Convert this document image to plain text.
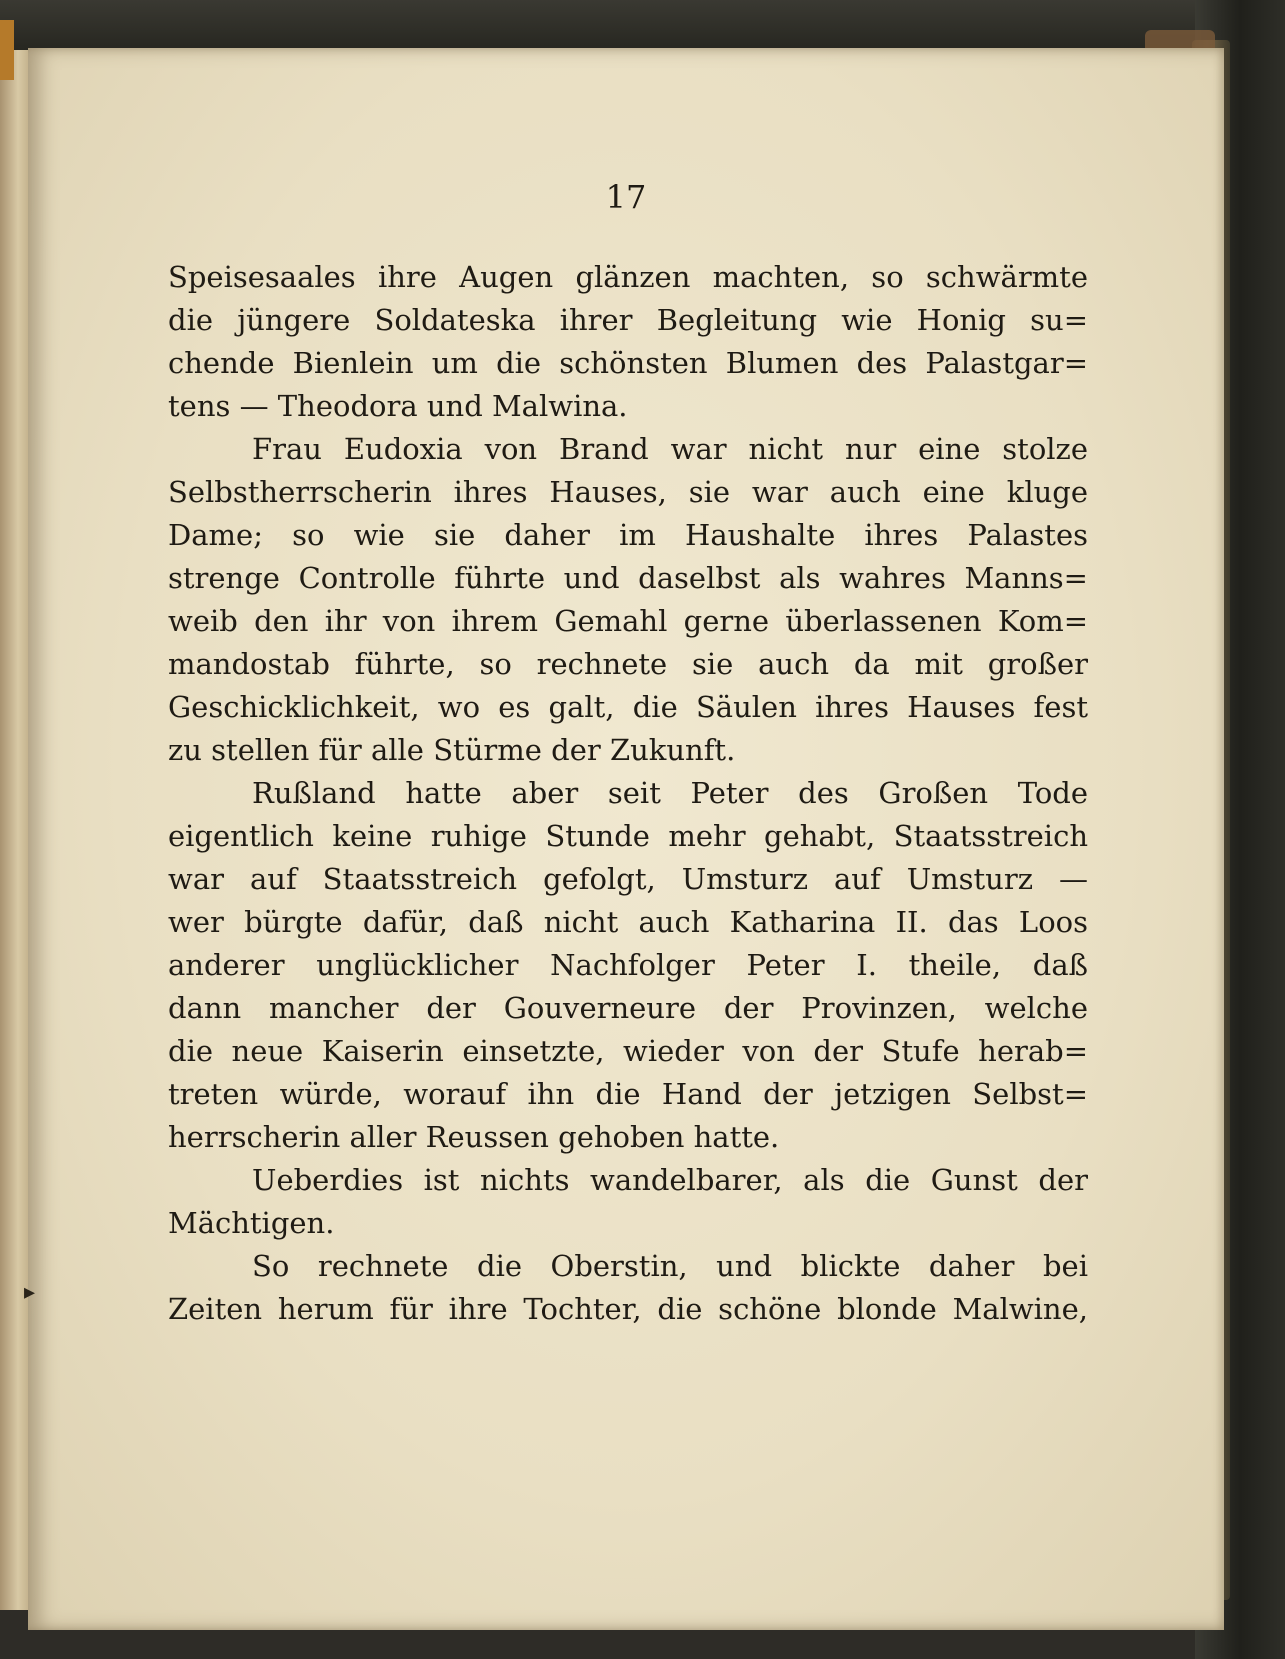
17
Speisesaales ihre Augen glänzen machten, so schwärmte
die jüngere Soldateska ihrer Begleitung wie Honig su=
chende Bienlein um die schönsten Blumen des Palastgar=
tens — Theodora und Malwina.
Frau Eudoxia von Brand war nicht nur eine stolze
Selbstherrscherin ihres Hauses, sie war auch eine kluge
Dame; so wie sie daher im Haushalte ihres Palastes
strenge Controlle führte und daselbst als wahres Manns=
weib den ihr von ihrem Gemahl gerne überlassenen Kom=
mandostab führte, so rechnete sie auch da mit großer
Geschicklichkeit, wo es galt, die Säulen ihres Hauses fest
zu stellen für alle Stürme der Zukunft.
Rußland hatte aber seit Peter des Großen Tode
eigentlich keine ruhige Stunde mehr gehabt, Staatsstreich
war auf Staatsstreich gefolgt, Umsturz auf Umsturz —
wer bürgte dafür, daß nicht auch Katharina II. das Loos
anderer unglücklicher Nachfolger Peter I. theile, daß
dann mancher der Gouverneure der Provinzen, welche
die neue Kaiserin einsetzte, wieder von der Stufe herab=
treten würde, worauf ihn die Hand der jetzigen Selbst=
herrscherin aller Reussen gehoben hatte.
Ueberdies ist nichts wandelbarer, als die Gunst der
Mächtigen.
So rechnete die Oberstin, und blickte daher bei
Zeiten herum für ihre Tochter, die schöne blonde Malwine,
▸
